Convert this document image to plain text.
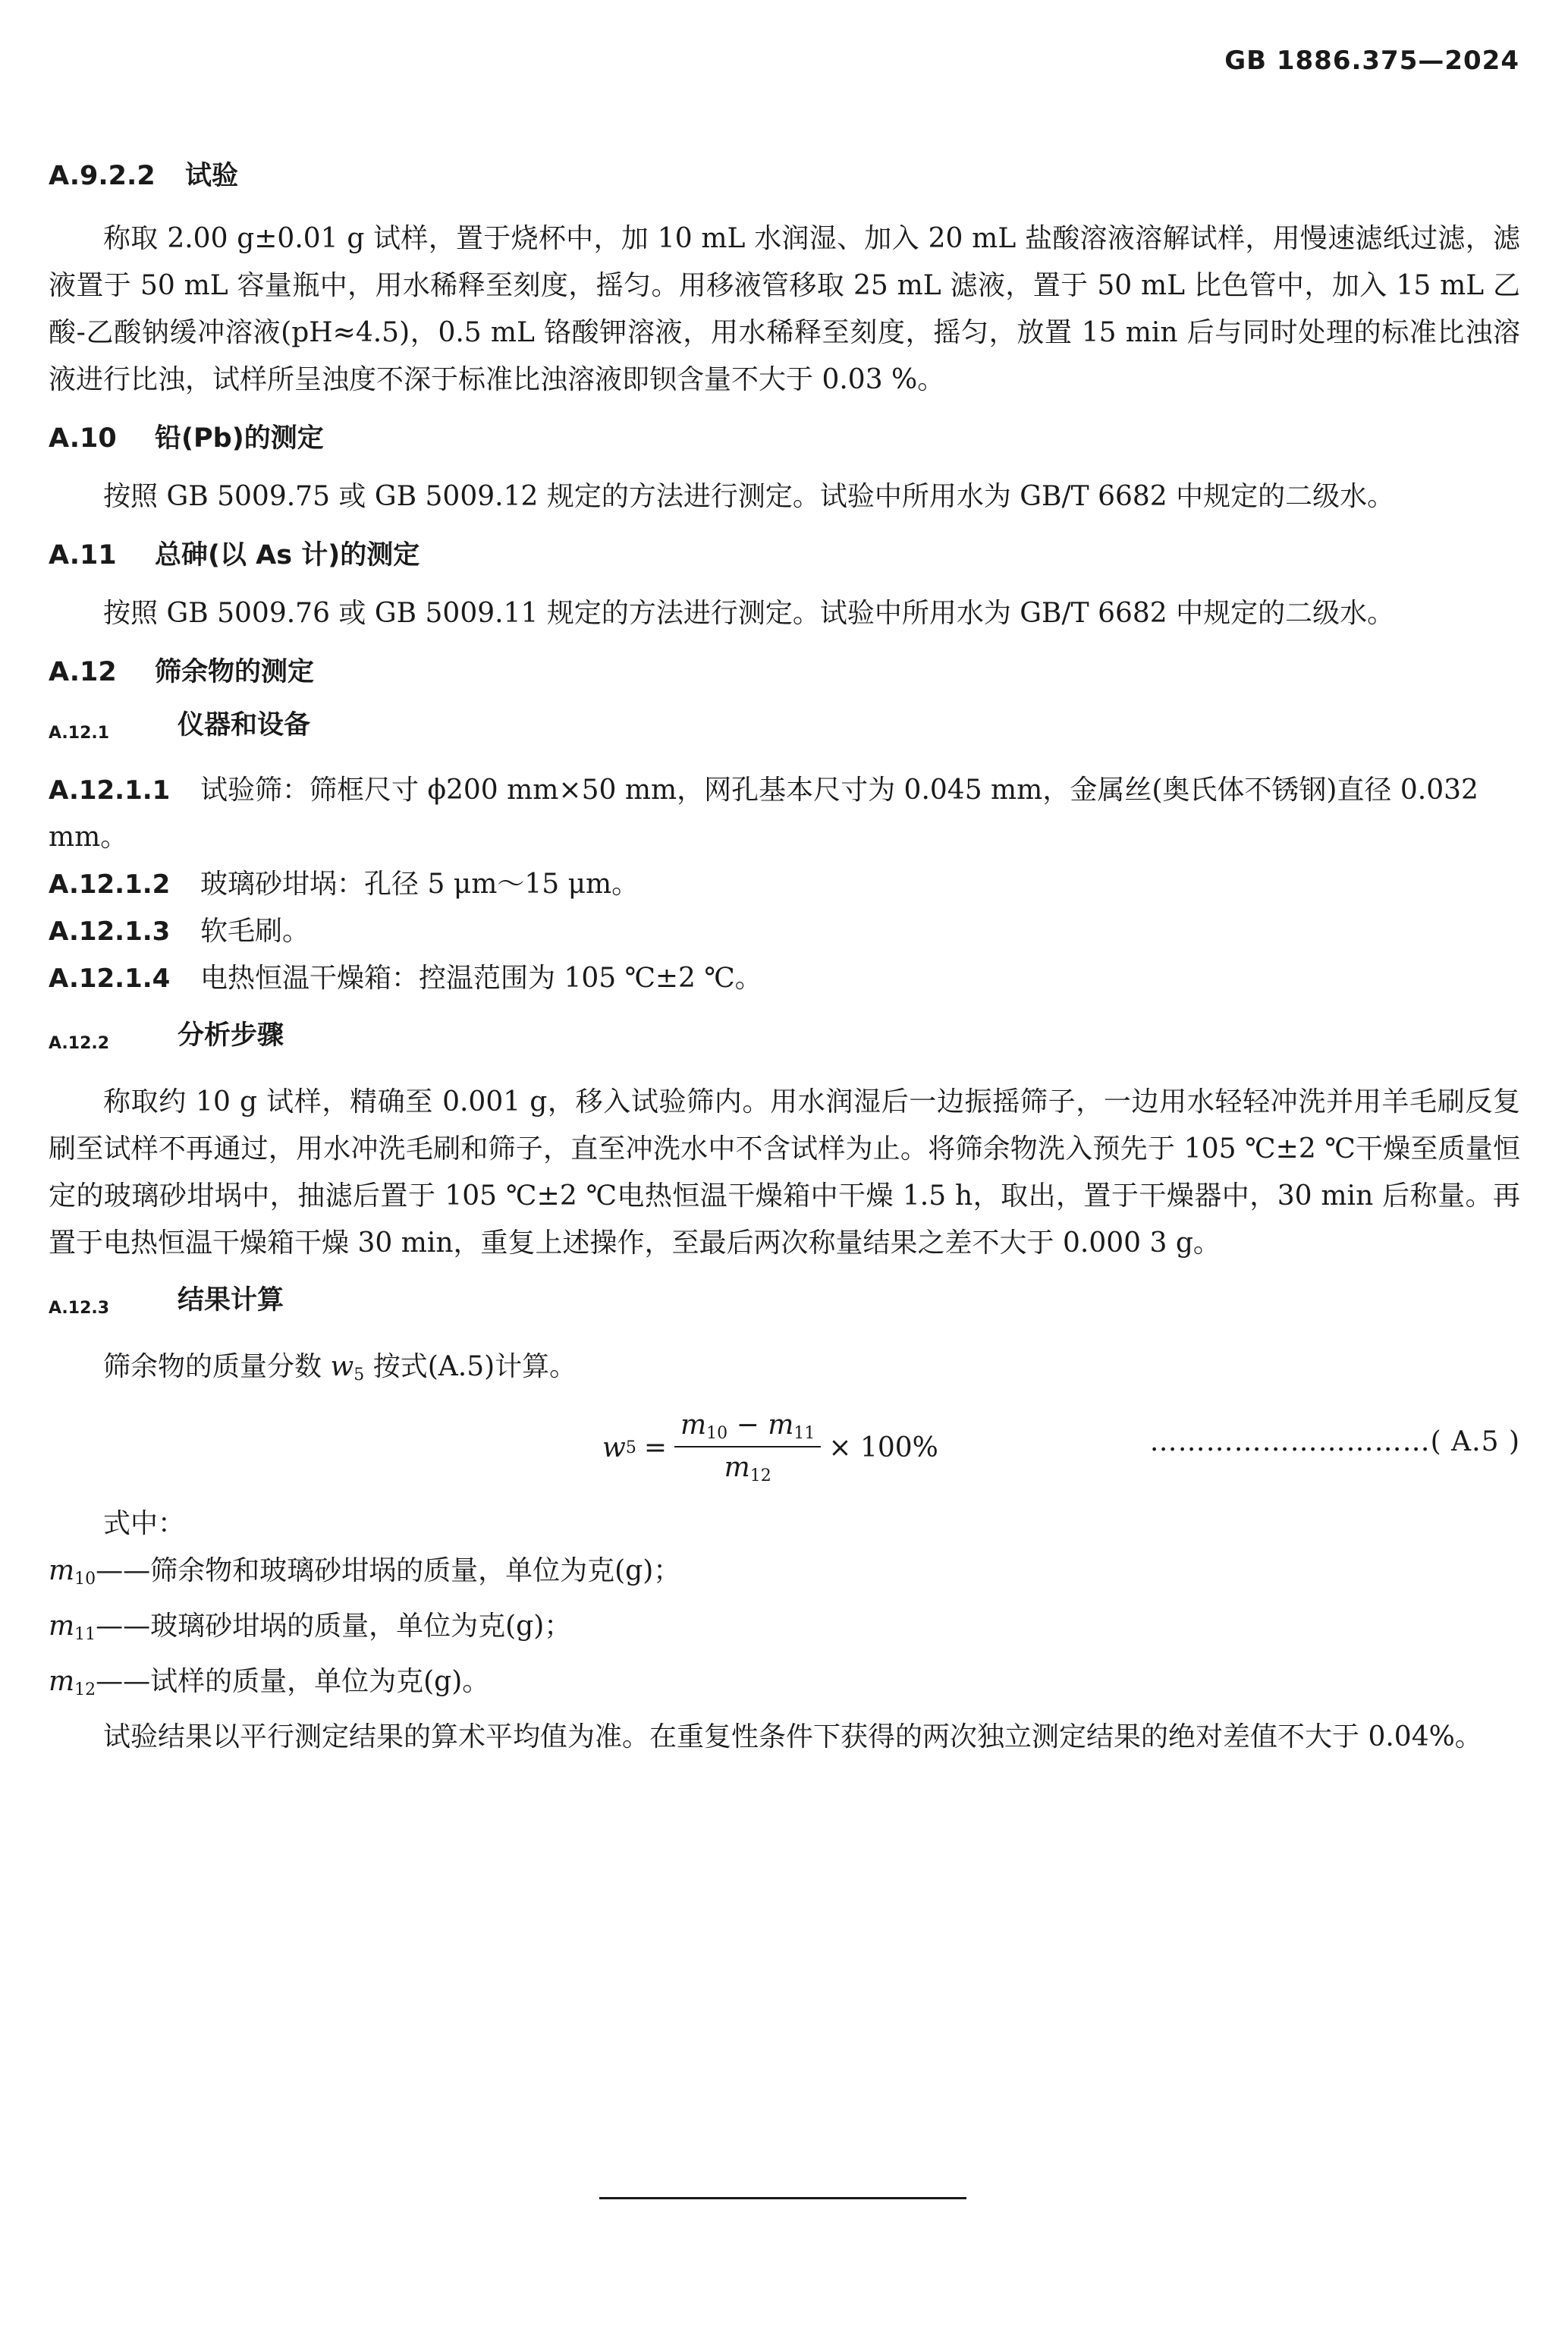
GB 1886.375—2024

A.9.2.2 试验

称取 2.00 g±0.01 g 试样，置于烧杯中，加 10 mL 水润湿、加入 20 mL 盐酸溶液溶解试样，用慢速滤纸过滤，滤液置于 50 mL 容量瓶中，用水稀释至刻度，摇匀。用移液管移取 25 mL 滤液，置于 50 mL 比色管中，加入 15 mL 乙酸-乙酸钠缓冲溶液(pH≈4.5)，0.5 mL 铬酸钾溶液，用水稀释至刻度，摇匀，放置 15 min 后与同时处理的标准比浊溶液进行比浊，试样所呈浊度不深于标准比浊溶液即钡含量不大于 0.03 %。

A.10 铅(Pb)的测定

按照 GB 5009.75 或 GB 5009.12 规定的方法进行测定。试验中所用水为 GB/T 6682 中规定的二级水。

A.11 总砷(以 As 计)的测定

按照 GB 5009.76 或 GB 5009.11 规定的方法进行测定。试验中所用水为 GB/T 6682 中规定的二级水。

A.12 筛余物的测定

A.12.1	仪器和设备

A.12.1.1 试验筛：筛框尺寸 ϕ200 mm×50 mm，网孔基本尺寸为 0.045 mm，金属丝(奥氏体不锈钢)直径 0.032 mm。

A.12.1.2 玻璃砂坩埚：孔径 5 μm～15 μm。

A.12.1.3 软毛刷。

A.12.1.4 电热恒温干燥箱：控温范围为 105 ℃±2 ℃。

A.12.2	分析步骤

称取约 10 g 试样，精确至 0.001 g，移入试验筛内。用水润湿后一边振摇筛子，一边用水轻轻冲洗并用羊毛刷反复刷至试样不再通过，用水冲洗毛刷和筛子，直至冲洗水中不含试样为止。将筛余物洗入预先于 105 ℃±2 ℃干燥至质量恒定的玻璃砂坩埚中，抽滤后置于 105 ℃±2 ℃电热恒温干燥箱中干燥 1.5 h，取出，置于干燥器中，30 min 后称量。再置于电热恒温干燥箱干燥 30 min，重复上述操作，至最后两次称量结果之差不大于 0.000 3 g。

A.12.3	结果计算

筛余物的质量分数 $w_5$ 按式(A.5)计算。

w $5 = \frac{m_{10} - m_{11}}{m_{12}} \times 100\%$	…………………………( A.5 )

式中：

$m_{10}——$筛余物和玻璃砂坩埚的质量，单位为克(g)；

$m_{11}——$玻璃砂坩埚的质量，单位为克(g)；

$m_{12}——$试样的质量，单位为克(g)。

试验结果以平行测定结果的算术平均值为准。在重复性条件下获得的两次独立测定结果的绝对差值不大于 0.04%。
